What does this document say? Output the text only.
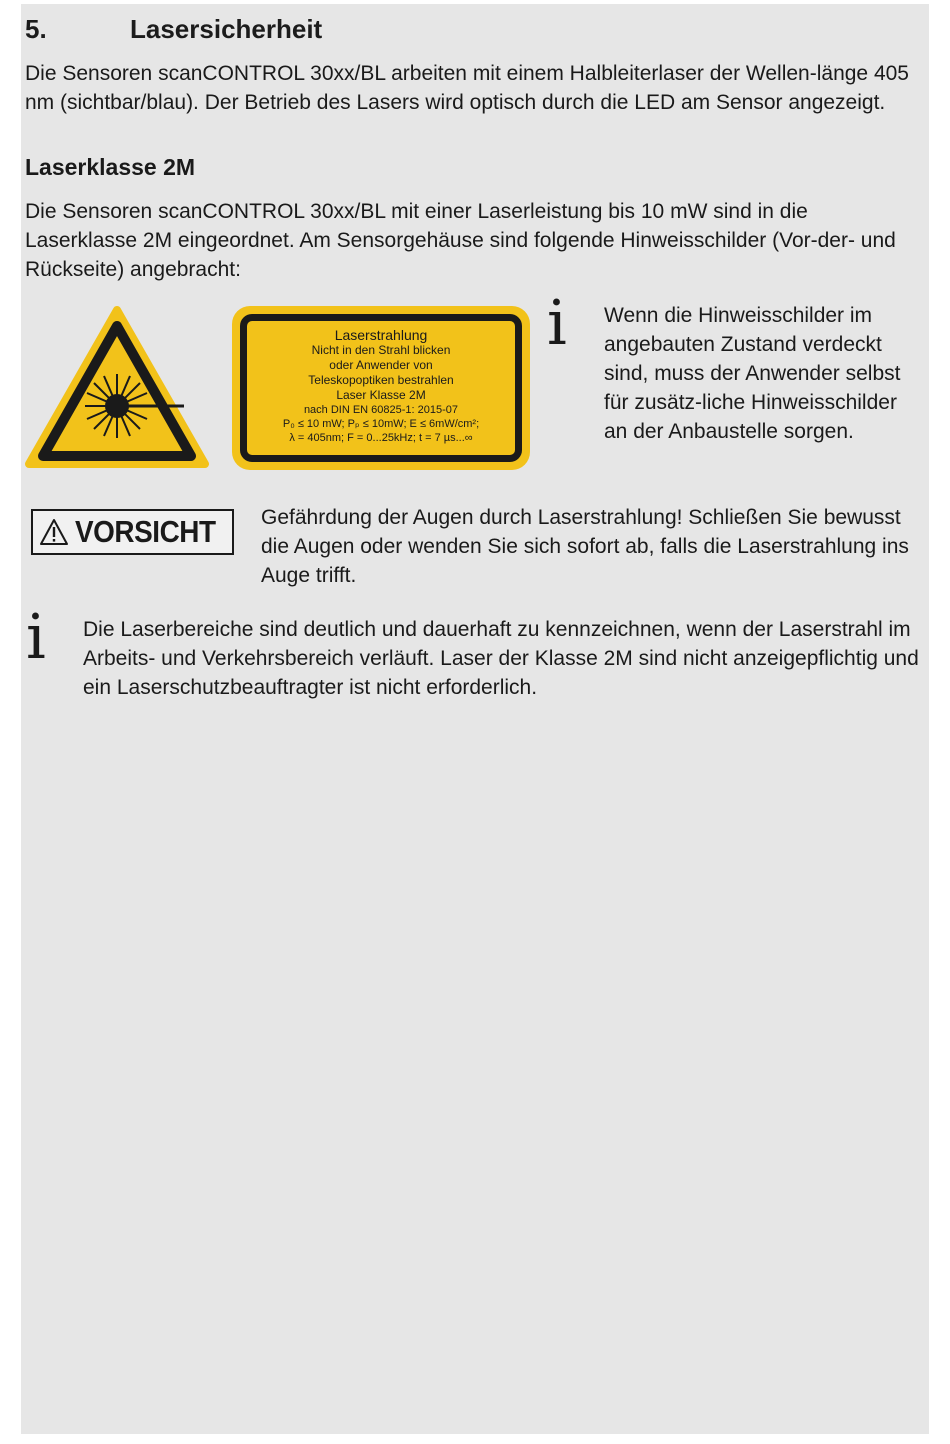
5.	Lasersicherheit

Die Sensoren scanCONTROL 30xx/BL arbeiten mit einem Halbleiterlaser der Wellen-länge 405 nm (sichtbar/blau). Der Betrieb des Lasers wird optisch durch die LED am Sensor angezeigt.

Laserklasse 2M

Die Sensoren scanCONTROL 30xx/BL mit einer Laserleistung bis 10 mW sind in die Laserklasse 2M eingeordnet. Am Sensorgehäuse sind folgende Hinweisschilder (Vor-der- und Rückseite) angebracht:

Laserstrahlung
Nicht in den Strahl blicken
oder Anwender von
Teleskopoptiken bestrahlen
Laser Klasse 2M
nach DIN EN 60825-1: 2015-07
P₀ ≤ 10 mW; Pₚ ≤ 10mW; E ≤ 6mW/cm²;
λ = 405nm; F = 0...25kHz; t = 7 µs...∞
i Wenn die Hinweisschilder im angebauten Zustand verdeckt sind, muss der Anwender selbst für zusätz-liche Hinweisschilder an der Anbaustelle sorgen.

VORSICHT Gefährdung der Augen durch Laserstrahlung! Schließen Sie bewusst die Augen oder wenden Sie sich sofort ab, falls die Laserstrahlung ins Auge trifft.

i Die Laserbereiche sind deutlich und dauerhaft zu kennzeichnen, wenn der Laserstrahl im Arbeits- und Verkehrsbereich verläuft. Laser der Klasse 2M sind nicht anzeigepflichtig und ein Laserschutzbeauftragter ist nicht erforderlich.
